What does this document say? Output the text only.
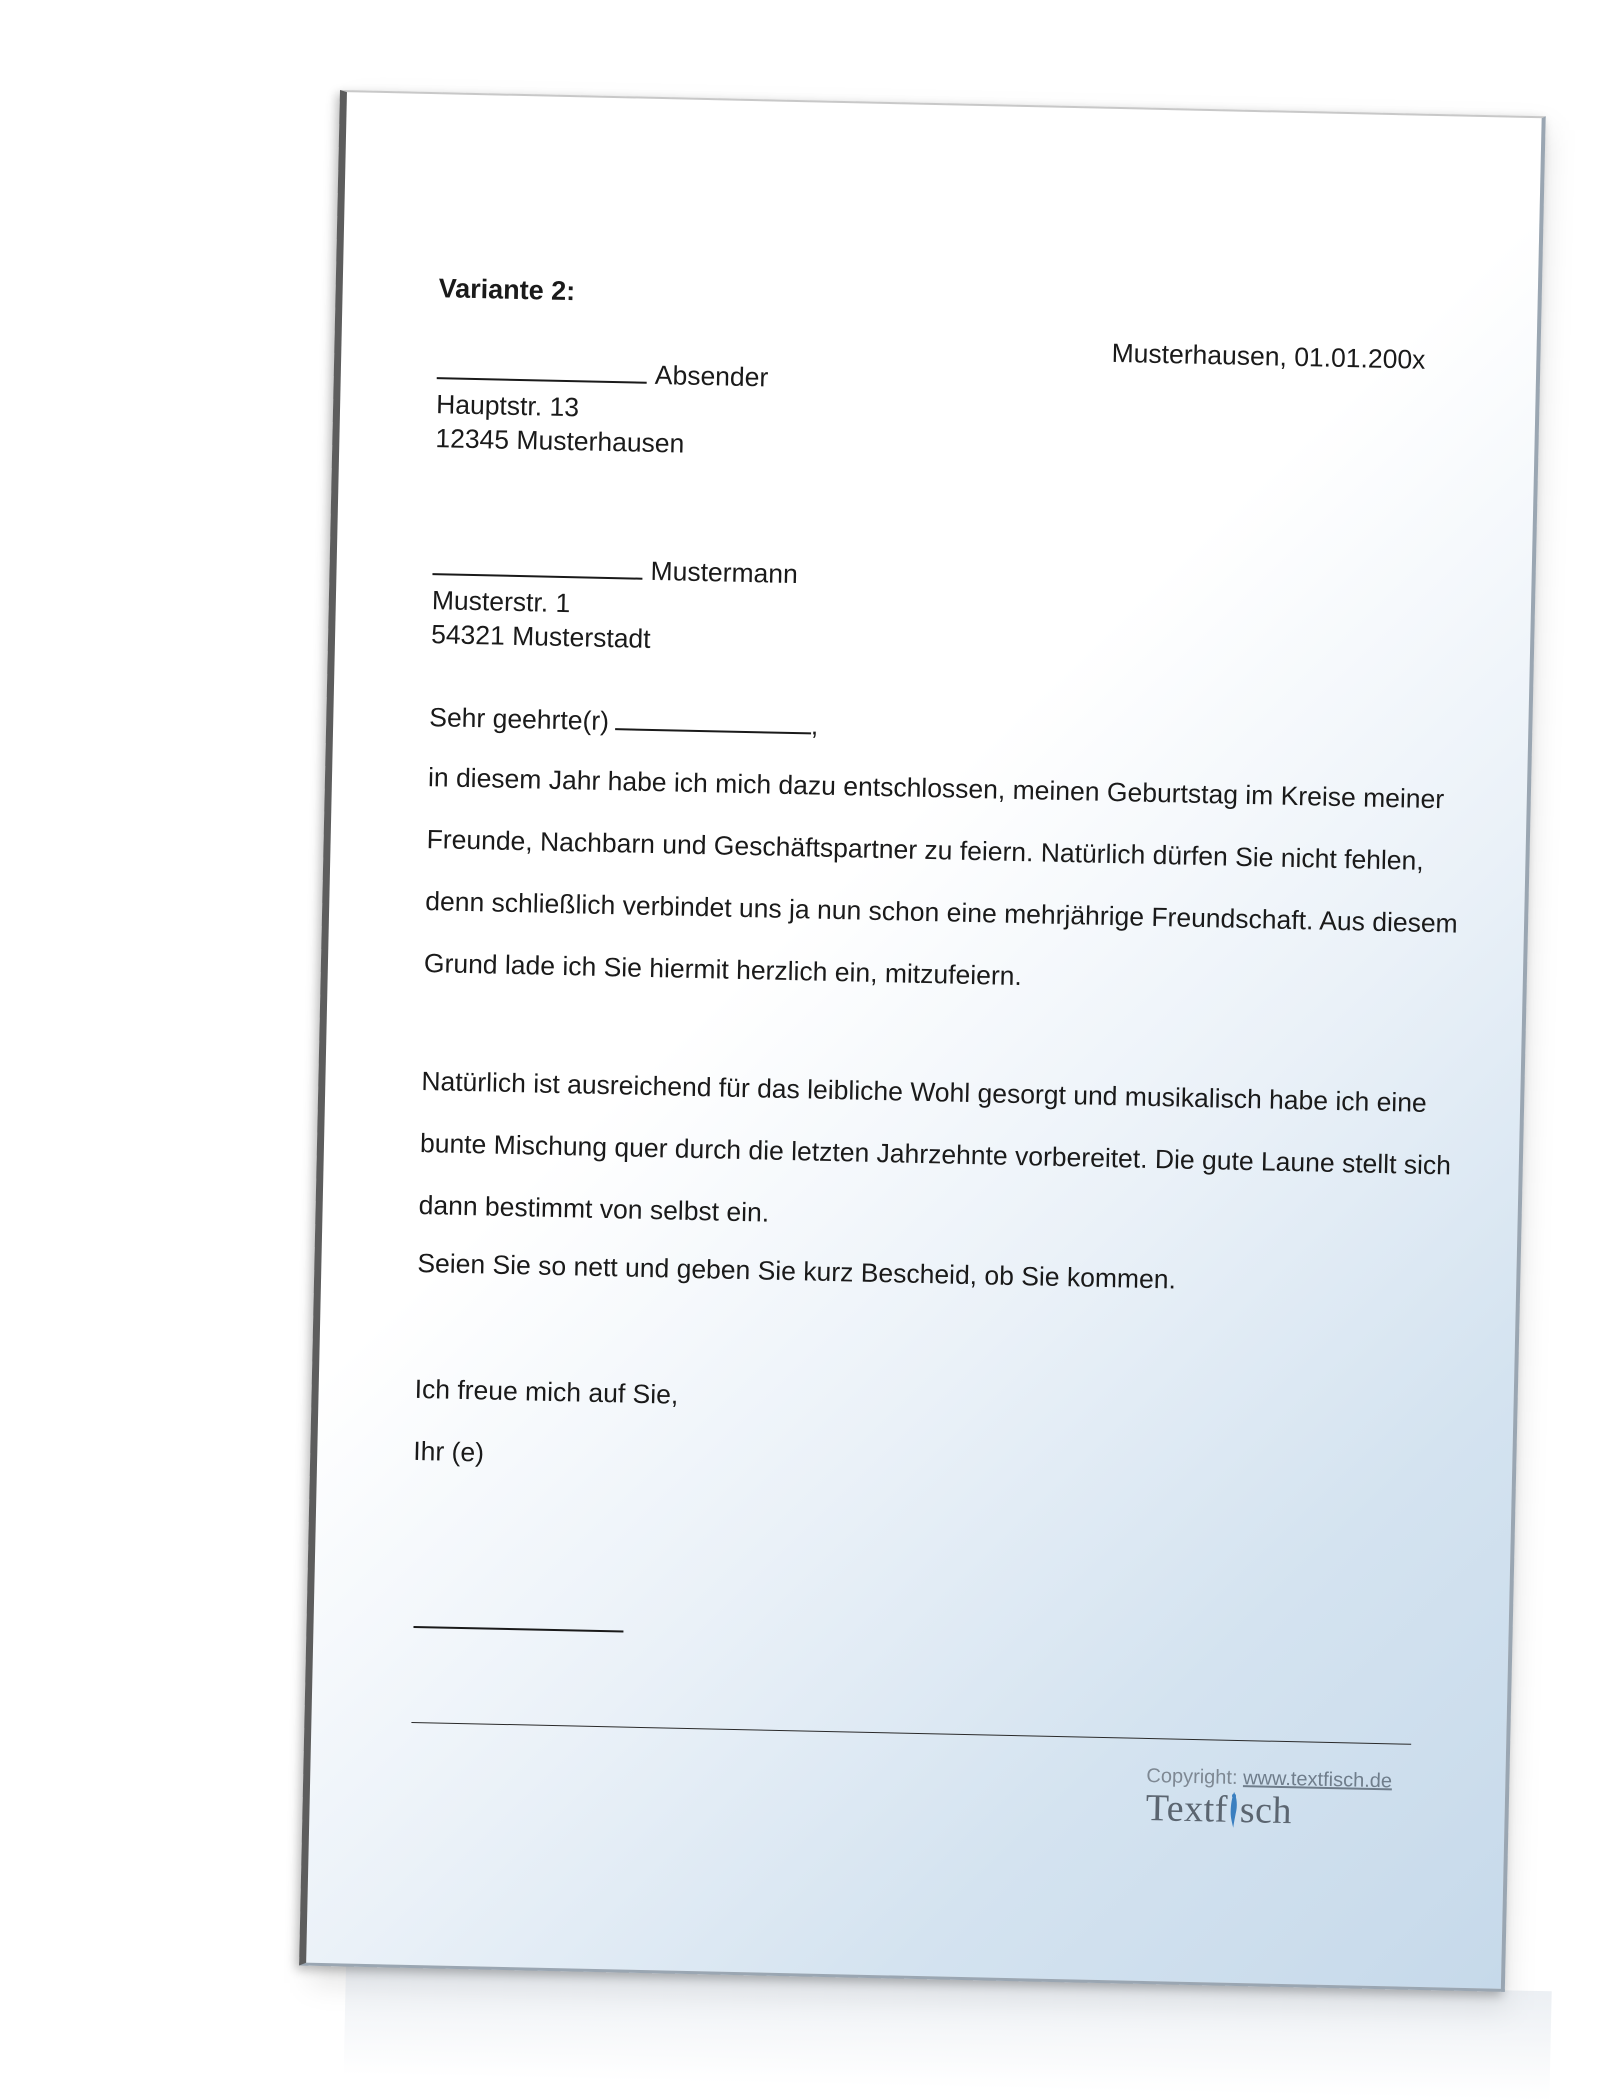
Variante 2:
Absender
Hauptstr. 13
12345 Musterhausen
Musterhausen, 01.01.200x
Mustermann
Musterstr. 1
54321 Musterstadt
Sehr geehrte(r)	,
in diesem Jahr habe ich mich dazu entschlossen, meinen Geburtstag im Kreise meiner
Freunde, Nachbarn und Geschäftspartner zu feiern. Natürlich dürfen Sie nicht fehlen,
denn schließlich verbindet uns ja nun schon eine mehrjährige Freundschaft. Aus diesem
Grund lade ich Sie hiermit herzlich ein, mitzufeiern.
Natürlich ist ausreichend für das leibliche Wohl gesorgt und musikalisch habe ich eine
bunte Mischung quer durch die letzten Jahrzehnte vorbereitet. Die gute Laune stellt sich
dann bestimmt von selbst ein.
Seien Sie so nett und geben Sie kurz Bescheid, ob Sie kommen.
Ich freue mich auf Sie,
Ihr (e)
Copyright: www.textfisch.de
Textf sch
